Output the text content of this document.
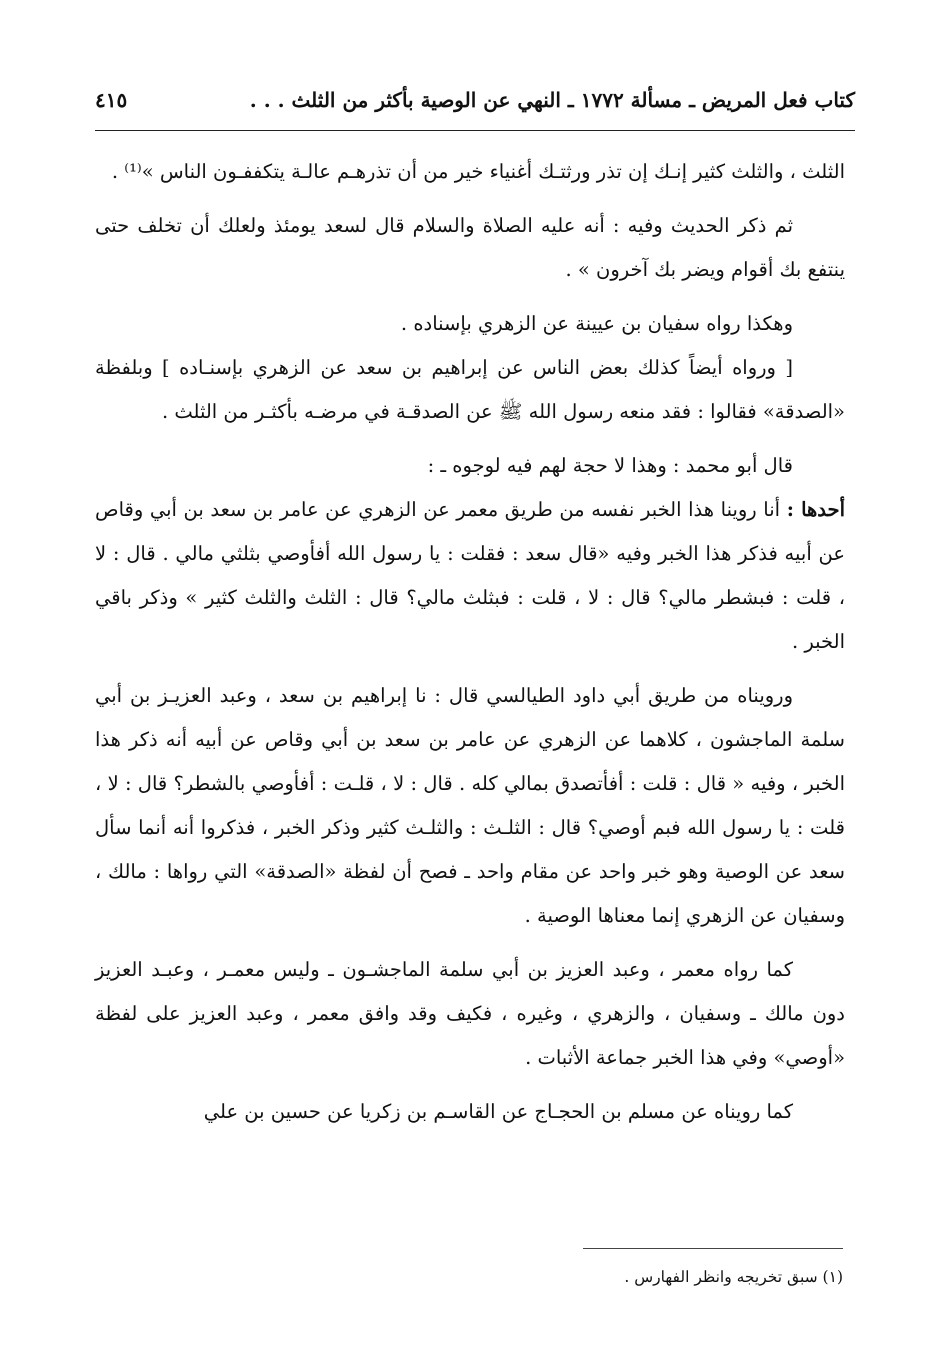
كتاب فعل المريض ـ مسألة ١٧٧٢ ـ النهي عن الوصية بأكثر من الثلث . . .
٤١٥

الثلث ، والثلث كثير إنـك إن تذر ورثتـك أغنياء خير من أن تذرهـم عالـة يتكففـون الناس »⁽¹⁾ .

ثم ذكر الحديث وفيه : أنه عليه الصلاة والسلام قال لسعد يومئذ ولعلك أن تخلف حتى ينتفع بك أقوام ويضر بك آخرون » .

وهكذا رواه سفيان بن عيينة عن الزهري بإسناده .

[ ورواه أيضاً كذلك بعض الناس عن إبراهيم بن سعد عن الزهري بإسنـاده ] وبلفظة «الصدقة» فقالوا : فقد منعه رسول الله ﷺ عن الصدقـة في مرضـه بأكثـر من الثلث .

قال أبو محمد : وهذا لا حجة لهم فيه لوجوه ـ :

أحدها : أنا روينا هذا الخبر نفسه من طريق معمر عن الزهري عن عامر بن سعد بن أبي وقاص عن أبيه فذكر هذا الخبر وفيه «قال سعد : فقلت : يا رسول الله أفأوصي بثلثي مالي . قال : لا ، قلت : فبشطر مالي؟ قال : لا ، قلت : فبثلث مالي؟ قال : الثلث والثلث كثير » وذكر باقي الخبر .

ورويناه من طريق أبي داود الطيالسي قال : نا إبراهيم بن سعد ، وعبد العزيـز بن أبي سلمة الماجشون ، كلاهما عن الزهري عن عامر بن سعد بن أبي وقاص عن أبيه أنه ذكر هذا الخبر ، وفيه « قال : قلت : أفأتصدق بمالي كله . قال : لا ، قلـت : أفأوصي بالشطر؟ قال : لا ، قلت : يا رسول الله فبم أوصي؟ قال : الثلـث : والثلـث كثير وذكر الخبر ، فذكروا أنه أنما سأل سعد عن الوصية وهو خبر واحد عن مقام واحد ـ فصح أن لفظة «الصدقة» التي رواها : مالك ، وسفيان عن الزهري إنما معناها الوصية .

كما رواه معمر ، وعبد العزيز بن أبي سلمة الماجشـون ـ وليس معمـر ، وعبـد العزيز دون مالك ـ وسفيان ، والزهري ، وغيره ، فكيف وقد وافق معمر ، وعبد العزيز على لفظة «أوصي» وفي هذا الخبر جماعة الأثبات .

كما رويناه عن مسلم بن الحجـاج عن القاسـم بن زكريا عن حسين بن علي

(١) سبق تخريجه وانظر الفهارس .
